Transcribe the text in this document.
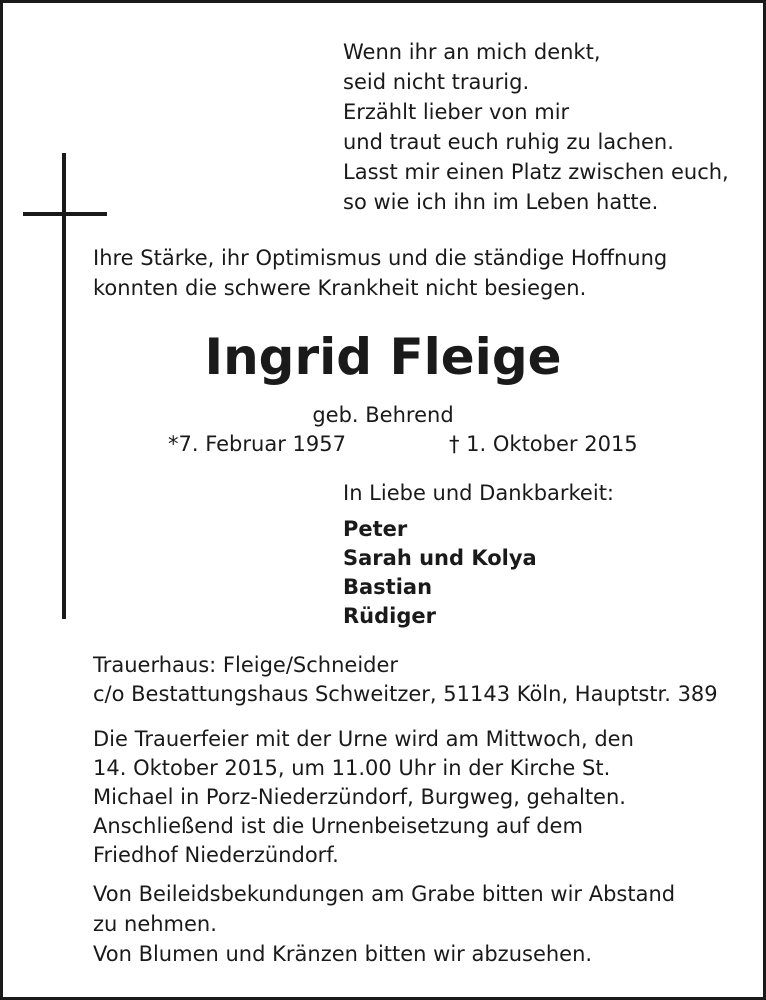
Wenn ihr an mich denkt,
seid nicht traurig.
Erzählt lieber von mir
und traut euch ruhig zu lachen.
Lasst mir einen Platz zwischen euch,
so wie ich ihn im Leben hatte.
Ihre Stärke, ihr Optimismus und die ständige Hoffnung
konnten die schwere Krankheit nicht besiegen.
Ingrid Fleige
geb. Behrend
*7. Februar 1957	† 1. Oktober 2015
In Liebe und Dankbarkeit:
Peter
Sarah und Kolya
Bastian
Rüdiger
Trauerhaus: Fleige/Schneider
c/o Bestattungshaus Schweitzer, 51143 Köln, Hauptstr. 389
Die Trauerfeier mit der Urne wird am Mittwoch, den
14. Oktober 2015, um 11.00 Uhr in der Kirche St.
Michael in Porz-Niederzündorf, Burgweg, gehalten.
Anschließend ist die Urnenbeisetzung auf dem
Friedhof Niederzündorf.
Von Beileidsbekundungen am Grabe bitten wir Abstand
zu nehmen.
Von Blumen und Kränzen bitten wir abzusehen.
